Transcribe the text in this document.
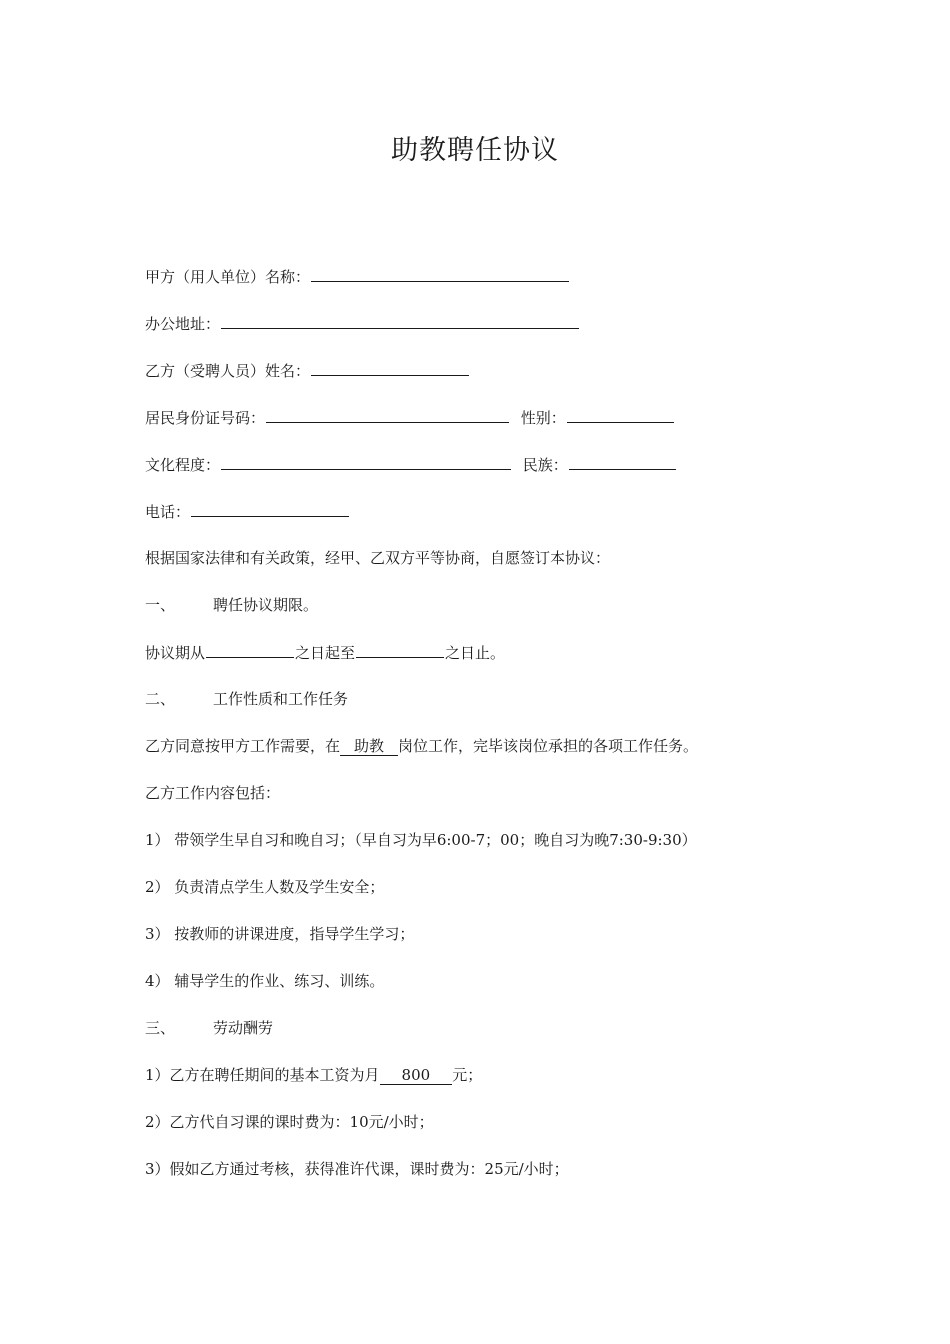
助教聘任协议
甲方（用人单位）名称：
办公地址：
乙方（受聘人员）姓名：
居民身份证号码：	性别：
文化程度：	民族：
电话：
根据国家法律和有关政策，经甲、乙双方平等协商，自愿签订本协议：
一、	聘任协议期限。
协议期从	之日起至	之日止。
二、	工作性质和工作任务
乙方同意按甲方工作需要，在 助教 岗位工作，完毕该岗位承担的各项工作任务。
乙方工作内容包括：
1） 带领学生早自习和晚自习；（早自习为早6:00-7；00；晚自习为晚7:30-9:30）
2） 负责清点学生人数及学生安全；
3） 按教师的讲课进度，指导学生学习；
4） 辅导学生的作业、练习、训练。
三、	劳动酬劳
1）乙方在聘任期间的基本工资为月 800 元；
2）乙方代自习课的课时费为：10元/小时；
3）假如乙方通过考核，获得准许代课，课时费为：25元/小时；
